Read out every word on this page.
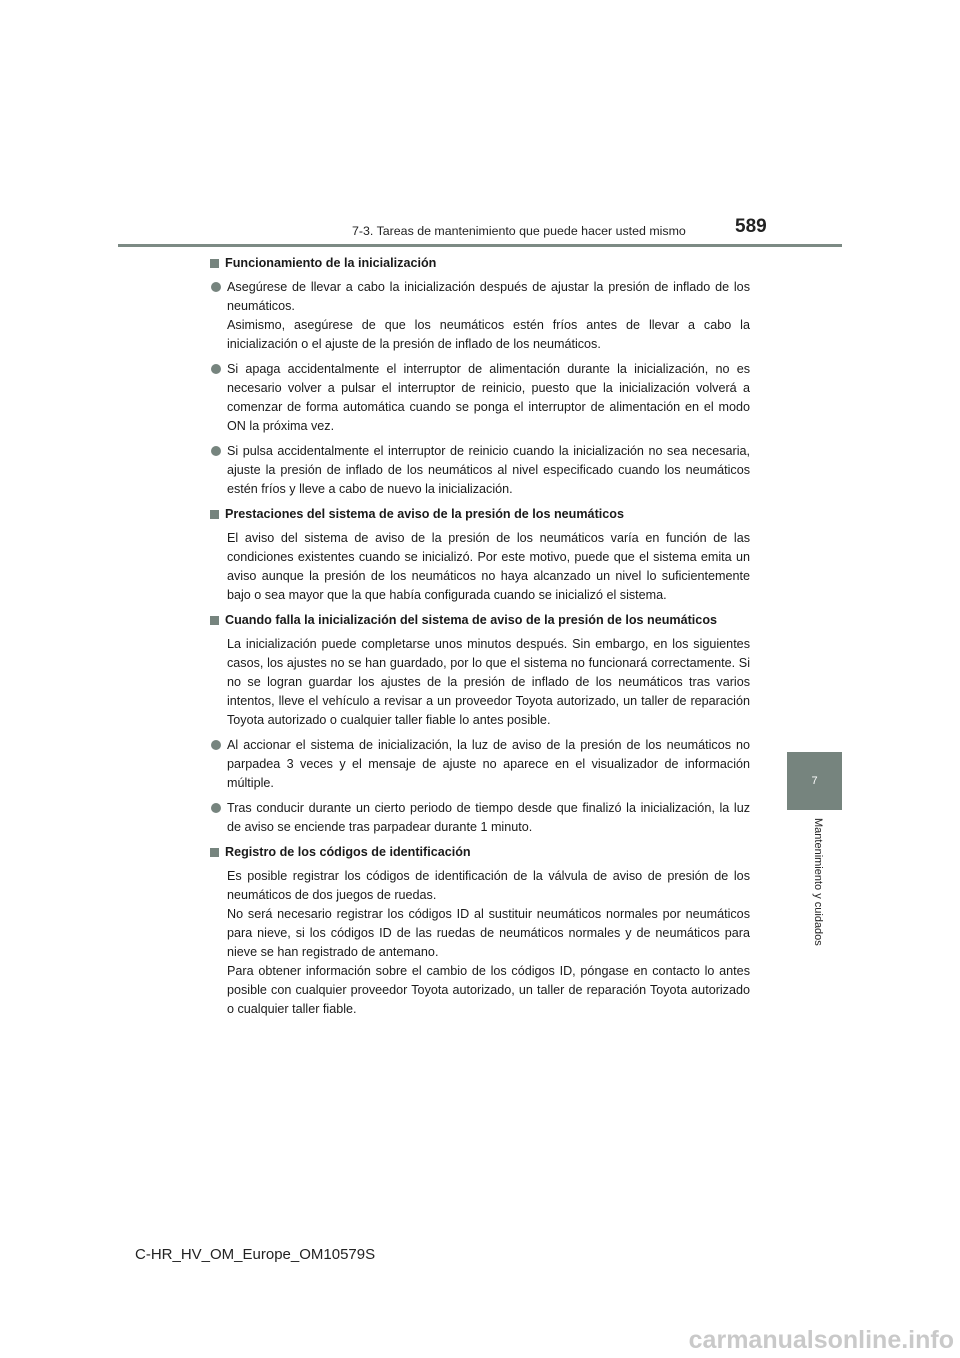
7-3. Tareas de mantenimiento que puede hacer usted mismo	589
7
Mantenimiento y cuidados
Funcionamiento de la inicialización

Asegúrese de llevar a cabo la inicialización después de ajustar la presión de inflado de los neumáticos.

Asimismo, asegúrese de que los neumáticos estén fríos antes de llevar a cabo la inicialización o el ajuste de la presión de inflado de los neumáticos.

Si apaga accidentalmente el interruptor de alimentación durante la inicialización, no es necesario volver a pulsar el interruptor de reinicio, puesto que la inicialización volverá a comenzar de forma automática cuando se ponga el interruptor de alimentación en el modo ON la próxima vez.

Si pulsa accidentalmente el interruptor de reinicio cuando la inicialización no sea necesaria, ajuste la presión de inflado de los neumáticos al nivel especificado cuando los neumáticos estén fríos y lleve a cabo de nuevo la inicialización.

Prestaciones del sistema de aviso de la presión de los neumáticos

El aviso del sistema de aviso de la presión de los neumáticos varía en función de las condiciones existentes cuando se inicializó. Por este motivo, puede que el sistema emita un aviso aunque la presión de los neumáticos no haya alcanzado un nivel lo suficientemente bajo o sea mayor que la que había configurada cuando se inicializó el sistema.

Cuando falla la inicialización del sistema de aviso de la presión de los neumáticos

La inicialización puede completarse unos minutos después. Sin embargo, en los siguientes casos, los ajustes no se han guardado, por lo que el sistema no funcionará correctamente. Si no se logran guardar los ajustes de la presión de inflado de los neumáticos tras varios intentos, lleve el vehículo a revisar a un proveedor Toyota autorizado, un taller de reparación Toyota autorizado o cualquier taller fiable lo antes posible.

Al accionar el sistema de inicialización, la luz de aviso de la presión de los neumáticos no parpadea 3 veces y el mensaje de ajuste no aparece en el visualizador de información múltiple.

Tras conducir durante un cierto periodo de tiempo desde que finalizó la inicialización, la luz de aviso se enciende tras parpadear durante 1 minuto.

Registro de los códigos de identificación

Es posible registrar los códigos de identificación de la válvula de aviso de presión de los neumáticos de dos juegos de ruedas.

No será necesario registrar los códigos ID al sustituir neumáticos normales por neumáticos para nieve, si los códigos ID de las ruedas de neumáticos normales y de neumáticos para nieve se han registrado de antemano.

Para obtener información sobre el cambio de los códigos ID, póngase en contacto lo antes posible con cualquier proveedor Toyota autorizado, un taller de reparación Toyota autorizado o cualquier taller fiable.

C-HR_HV_OM_Europe_OM10579S
carmanualsonline.info
